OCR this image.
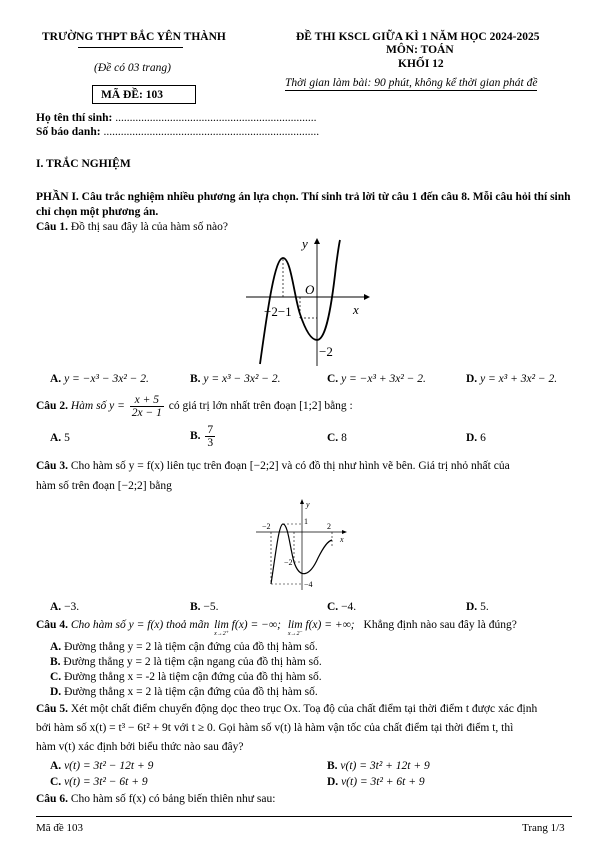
TRƯỜNG THPT BẮC YÊN THÀNH	ĐỀ THI KSCL GIỮA KÌ 1 NĂM HỌC 2024-2025
MÔN: TOÁN
(Đề có 03 trang)	KHỐI 12
Thời gian làm bài: 90 phút, không kể thời gian phát đề
MÃ ĐỀ: 103
Họ tên thí sinh: ......................................................................
Số báo danh: ...........................................................................
I. TRẮC NGHIỆM
PHẦN I. Câu trắc nghiệm nhiều phương án lựa chọn. Thí sinh trả lời từ câu 1 đến câu 8. Mỗi câu hỏi thí sinh chỉ chọn một phương án.
Câu 1. Đồ thị sau đây là của hàm số nào?
y
x
O
−2−1
−2
A. y = −x³ − 3x² − 2.	B. y = x³ − 3x² − 2.	C. y = −x³ + 3x² − 2.	D. y = x³ + 3x² − 2.
Câu 2. Hàm số $y = \frac{x + 5}{2x - 1}$ có giá trị lớn nhất trên đoạn [1;2] bằng :
A. 5	B. $\frac{7}{3}$	C. 8	D. 6
Câu 3. Cho hàm số y = f(x) liên tục trên đoạn [−2;2] và có đồ thị như hình vẽ bên. Giá trị nhỏ nhất của
hàm số trên đoạn [−2;2] bằng
y
x
−2
1
2
−2
−4
A. −3.	B. −5.	C. −4.	D. 5.
Câu 4. Cho hàm số y = f(x) thoả mãn lim f(x) = −∞;
x→2⁺
lim f(x) = +∞;
x→2⁻
Khẳng định nào sau đây là đúng?
A. Đường thẳng y = 2 là tiệm cận đứng của đồ thị hàm số.
B. Đường thẳng y = 2 là tiệm cận ngang của đồ thị hàm số.
C. Đường thẳng x = -2 là tiệm cận đứng của đồ thị hàm số.
D. Đường thẳng x = 2 là tiệm cận đứng của đồ thị hàm số.
Câu 5. Xét một chất điểm chuyển động dọc theo trục Ox. Toạ độ của chất điểm tại thời điểm t được xác định
bởi hàm số x(t) = t³ − 6t² + 9t với t ≥ 0. Gọi hàm số v(t) là hàm vận tốc của chất điểm tại thời điểm t, thì
hàm v(t) xác định bởi biểu thức nào sau đây?
A. v(t) = 3t² − 12t + 9	B. v(t) = 3t² + 12t + 9
C. v(t) = 3t² − 6t + 9	D. v(t) = 3t² + 6t + 9
Câu 6. Cho hàm số f(x) có bảng biến thiên như sau:
Mã đề 103	Trang 1/3
